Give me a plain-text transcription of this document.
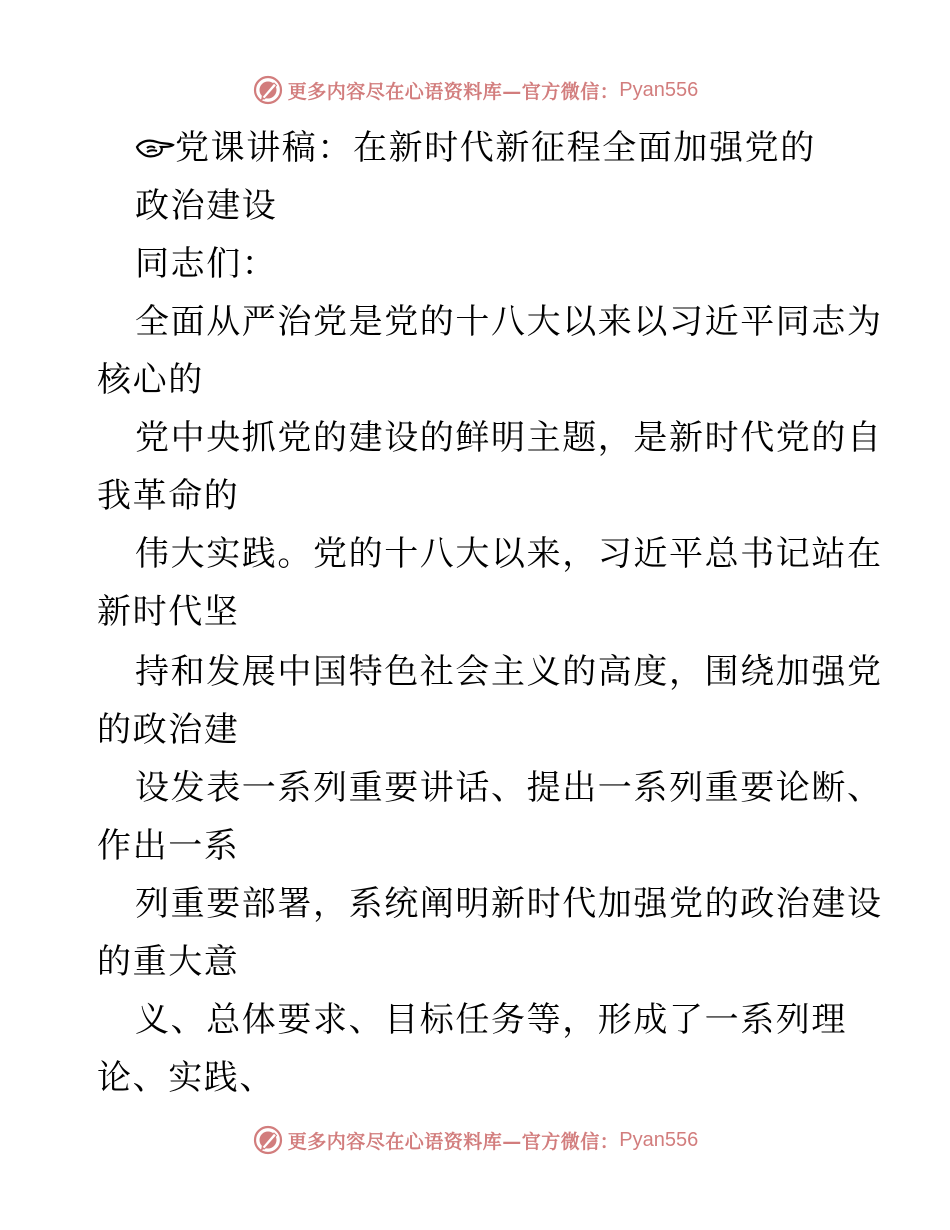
更多内容尽在心语资料库—官方微信： Pyan556
党课讲稿：在新时代新征程全面加强党的
政治建设
同志们：
全面从严治党是党的十八大以来以习近平同志为
核心的
党中央抓党的建设的鲜明主题，是新时代党的自
我革命的
伟大实践。党的十八大以来，习近平总书记站在
新时代坚
持和发展中国特色社会主义的高度，围绕加强党
的政治建
设发表一系列重要讲话、提出一系列重要论断、
作出一系
列重要部署，系统阐明新时代加强党的政治建设
的重大意
义、总体要求、目标任务等，形成了一系列理
论、实践、
更多内容尽在心语资料库—官方微信： Pyan556
